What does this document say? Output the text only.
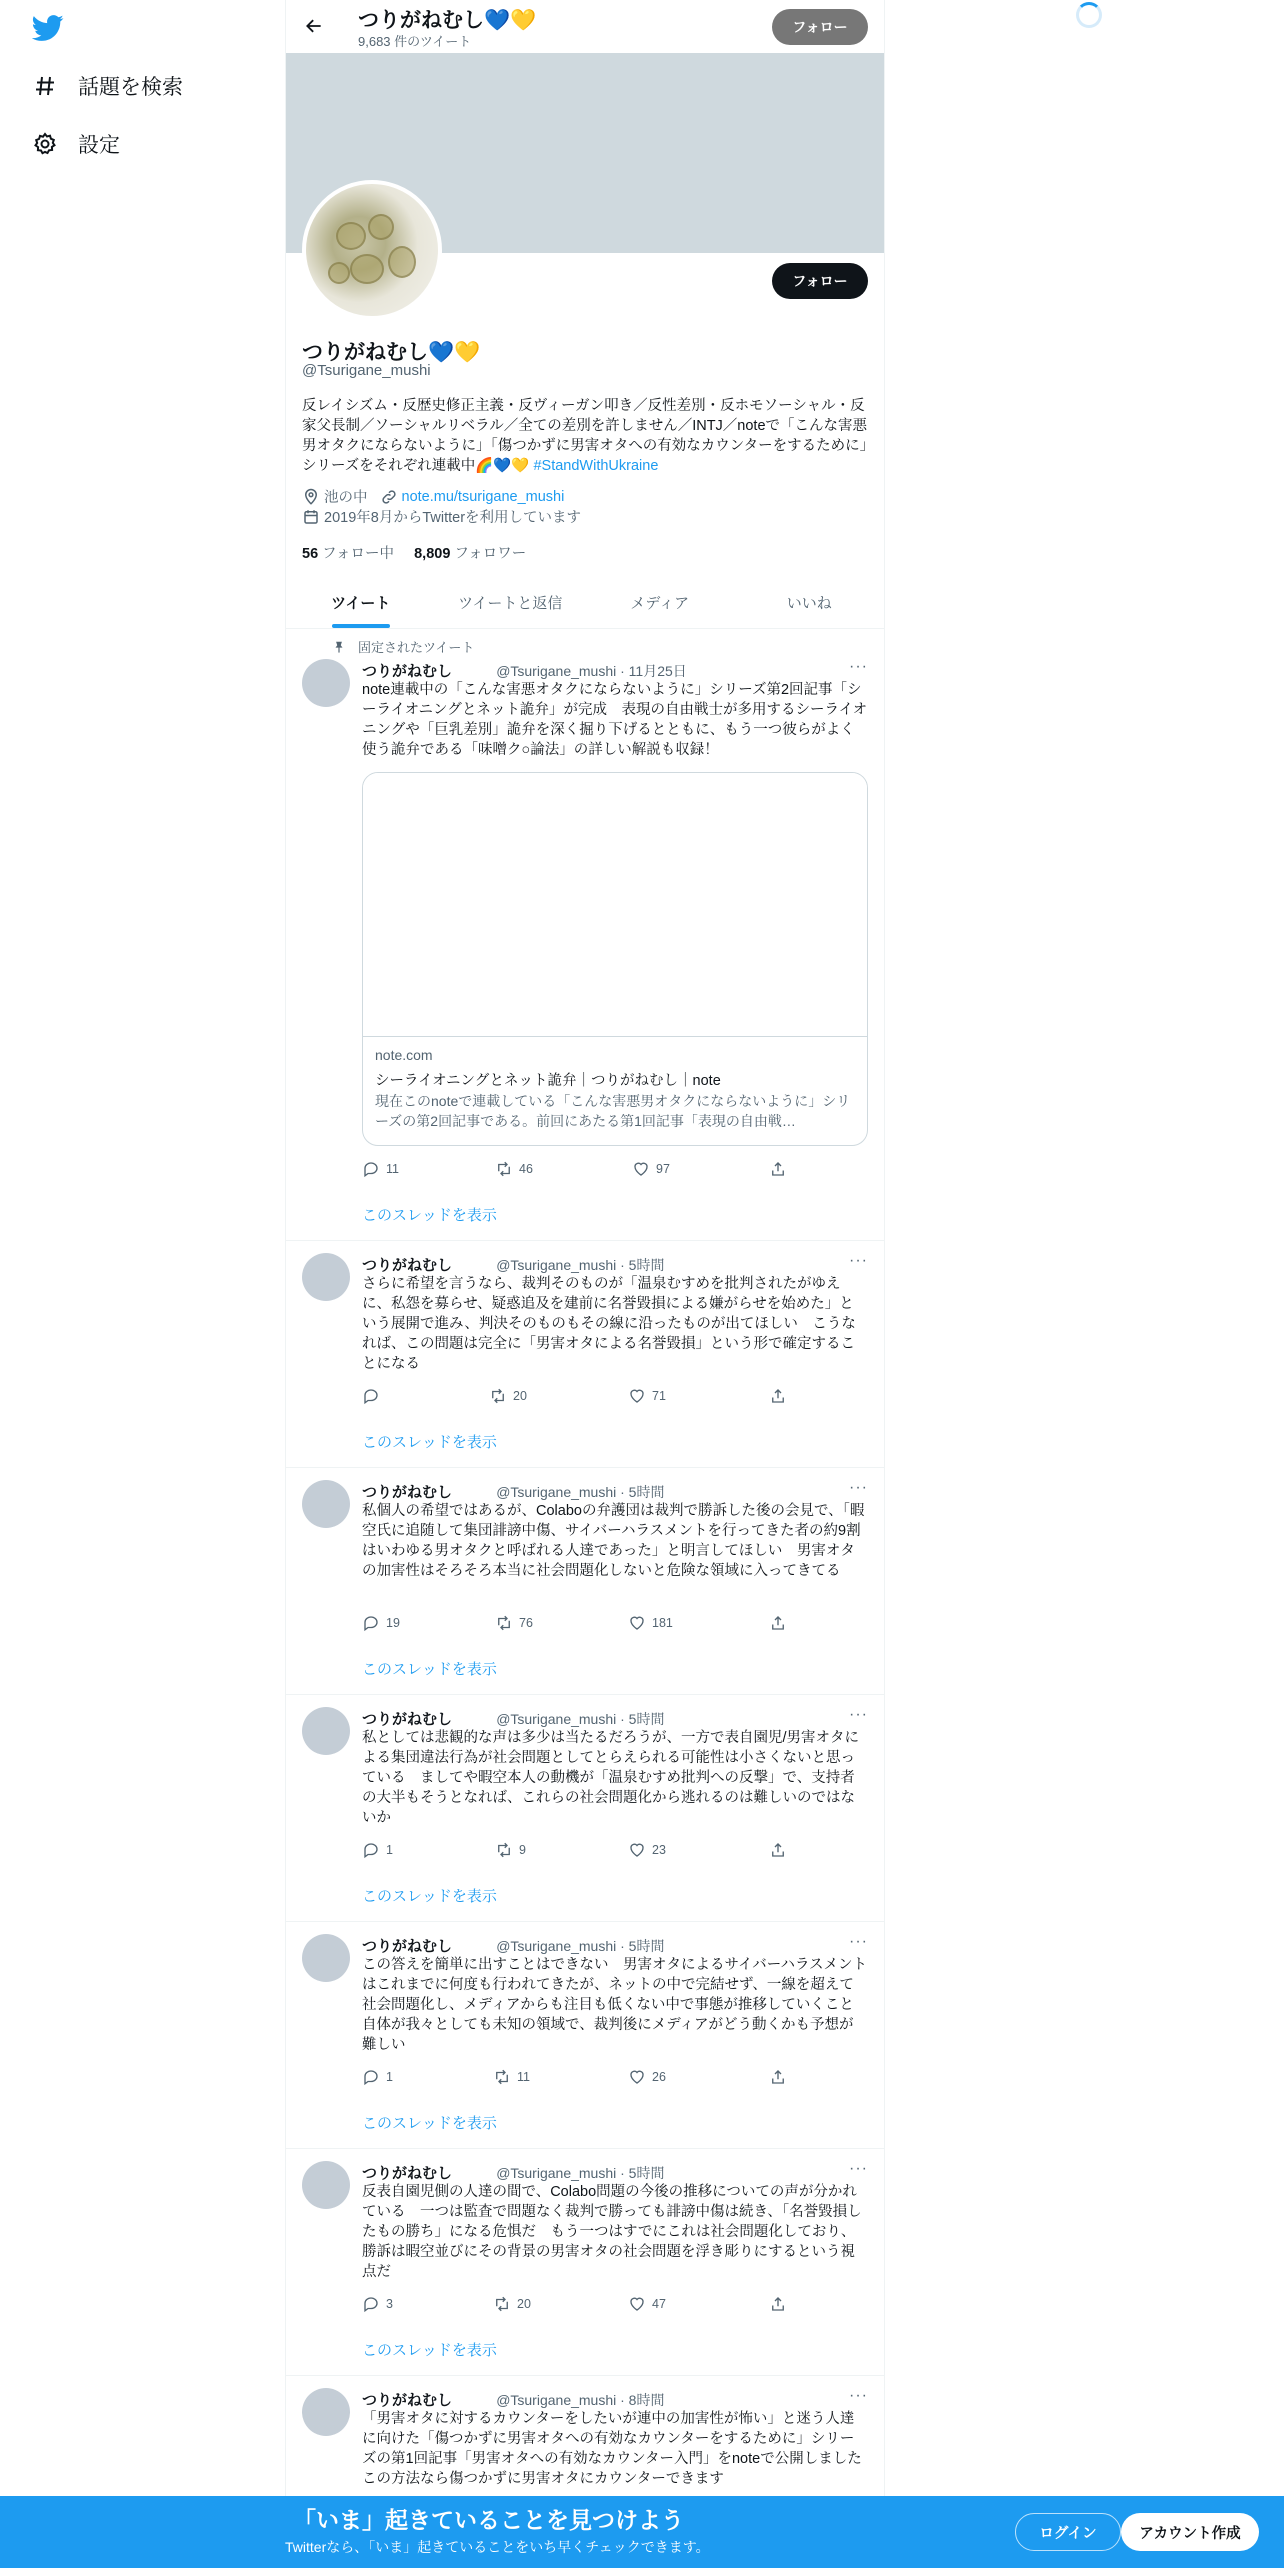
話題を検索
設定
つりがねむし💙💛
9,683 件のツイート
フォロー
フォロー
つりがねむし💙💛
@Tsurigane_mushi
反レイシズム・反歴史修正主義・反ヴィーガン叩き／反性差別・反ホモソーシャル・反家父長制／ソーシャルリベラル／全ての差別を許しません／INTJ／noteで「こんな害悪男オタクにならないように」「傷つかずに男害オタへの有効なカウンターをするために」シリーズをそれぞれ連載中🌈💙💛 #StandWithUkraine
池の中 note.mu/tsurigane_mushi
2019年8月からTwitterを利用しています
56 フォロー中 8,809 フォロワー
ツイート	ツイートと返信	メディア	いいね
固定されたツイート
つりがねむし	@Tsurigane_mushi · 11月25日	···
note連載中の「こんな害悪オタクにならないように」シリーズ第2回記事「シーライオニングとネット詭弁」が完成　表現の自由戦士が多用するシーライオニングや「巨乳差別」詭弁を深く掘り下げるとともに、もう一つ彼らがよく使う詭弁である「味噌ク○論法」の詳しい解説も収録！
note.com
シーライオニングとネット詭弁｜つりがねむし｜note
現在このnoteで連載している「こんな害悪男オタクにならないように」シリーズの第2回記事である。前回にあたる第1回記事「表現の自由戦…
11	46	97
このスレッドを表示
つりがねむし	@Tsurigane_mushi · 5時間	···
さらに希望を言うなら、裁判そのものが「温泉むすめを批判されたがゆえに、私怨を募らせ、疑惑追及を建前に名誉毀損による嫌がらせを始めた」という展開で進み、判決そのものもその線に沿ったものが出てほしい　こうなれば、この問題は完全に「男害オタによる名誉毀損」という形で確定することになる
20	71
このスレッドを表示
つりがねむし	@Tsurigane_mushi · 5時間	···
私個人の希望ではあるが、Colaboの弁護団は裁判で勝訴した後の会見で、「暇空氏に追随して集団誹謗中傷、サイバーハラスメントを行ってきた者の約9割はいわゆる男オタクと呼ばれる人達であった」と明言してほしい　男害オタの加害性はそろそろ本当に社会問題化しないと危険な領域に入ってきてる
19	76	181
このスレッドを表示
つりがねむし	@Tsurigane_mushi · 5時間	···
私としては悲観的な声は多少は当たるだろうが、一方で表自園児/男害オタによる集団違法行為が社会問題としてとらえられる可能性は小さくないと思っている　ましてや暇空本人の動機が「温泉むすめ批判への反撃」で、支持者の大半もそうとなれば、これらの社会問題化から逃れるのは難しいのではないか
1	9	23
このスレッドを表示
つりがねむし	@Tsurigane_mushi · 5時間	···
この答えを簡単に出すことはできない　男害オタによるサイバーハラスメントはこれまでに何度も行われてきたが、ネットの中で完結せず、一線を超えて社会問題化し、メディアからも注目も低くない中で事態が推移していくこと自体が我々としても未知の領域で、裁判後にメディアがどう動くかも予想が難しい
1	11	26
このスレッドを表示
つりがねむし	@Tsurigane_mushi · 5時間	···
反表自園児側の人達の間で、Colabo問題の今後の推移についての声が分かれている　一つは監査で問題なく裁判で勝っても誹謗中傷は続き、「名誉毀損したもの勝ち」になる危惧だ　もう一つはすでにこれは社会問題化しており、勝訴は暇空並びにその背景の男害オタの社会問題を浮き彫りにするという視点だ
3	20	47
このスレッドを表示
つりがねむし	@Tsurigane_mushi · 8時間	···
「男害オタに対するカウンターをしたいが連中の加害性が怖い」と迷う人達に向けた「傷つかずに男害オタへの有効なカウンターをするために」シリーズの第1回記事「男害オタへの有効なカウンター入門」をnoteで公開しました　この方法なら傷つかずに男害オタにカウンターできます
「いま」起きていることを見つけよう
Twitterなら、「いま」起きていることをいち早くチェックできます。
ログイン	アカウント作成
